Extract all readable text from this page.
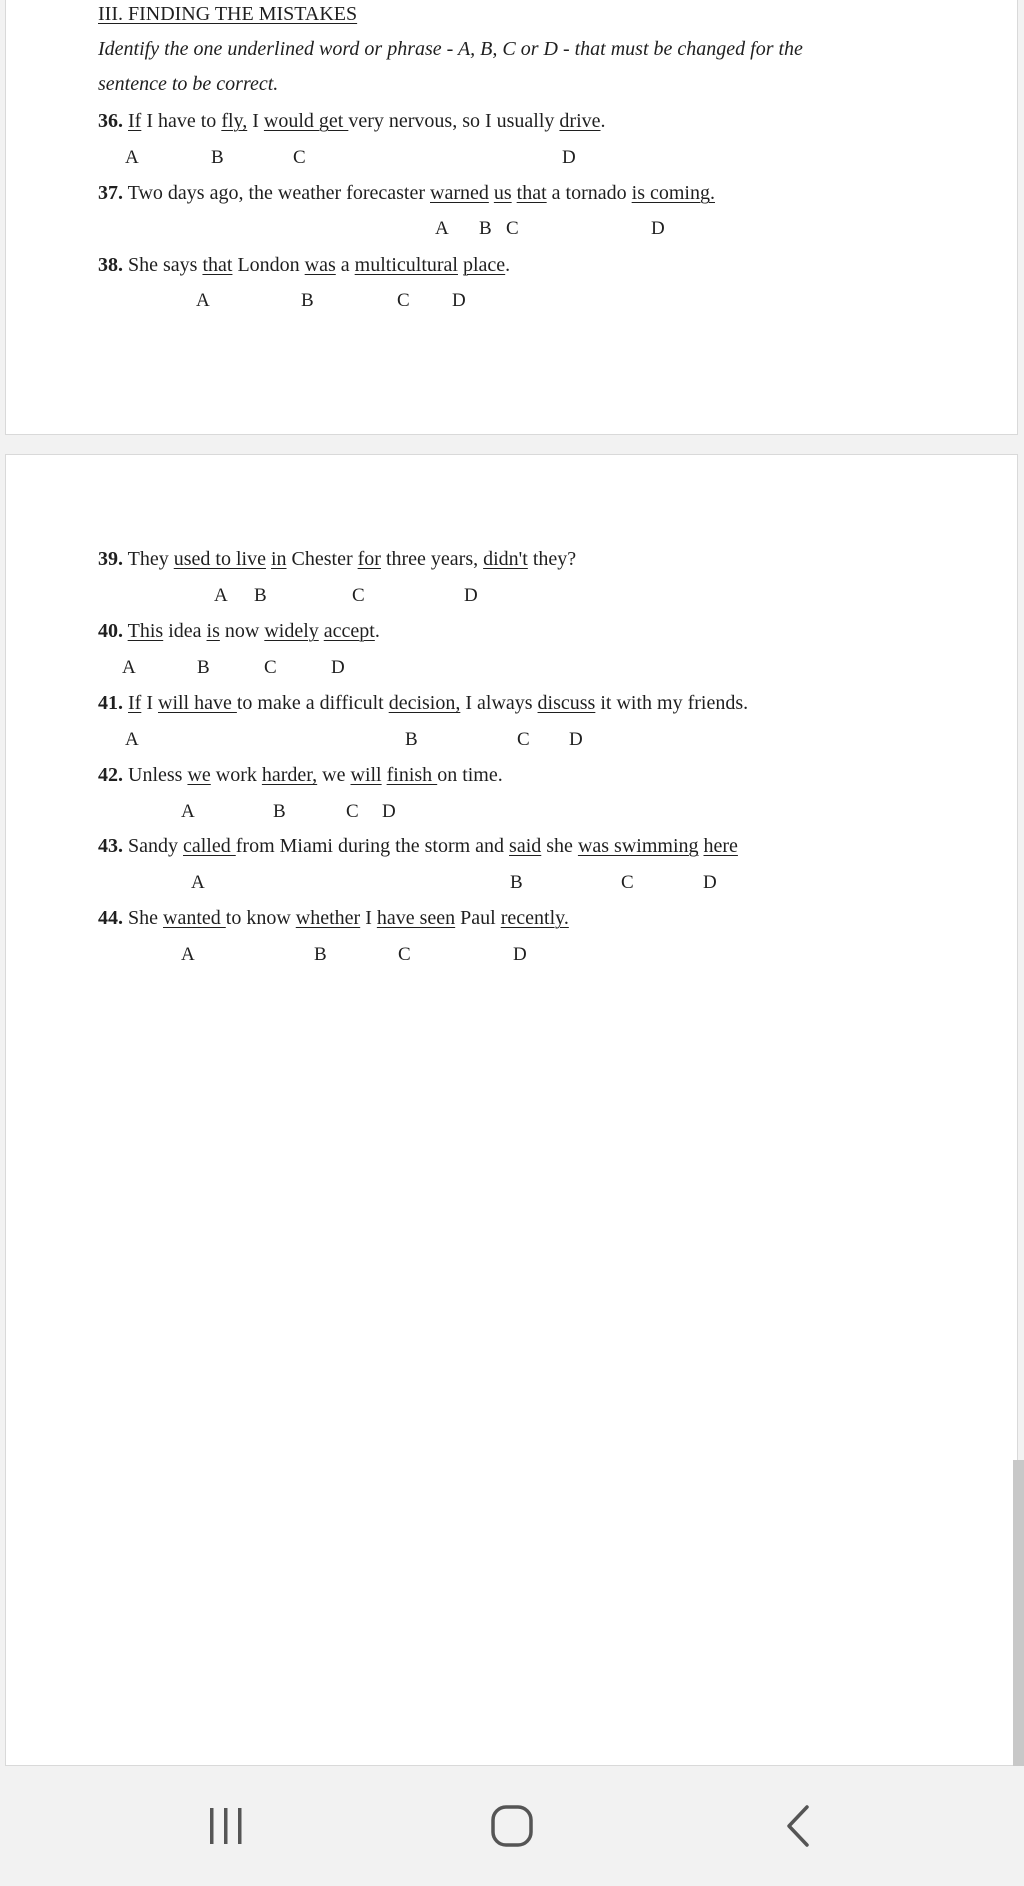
III. FINDING THE MISTAKES
Identify the one underlined word or phrase - A, B, C or D - that must be changed for the
sentence to be correct.
36. If I have to fly, I would get very nervous, so I usually drive.
37. Two days ago, the weather forecaster warned us that a tornado is coming.
38. She says that London was a multicultural place.
A	B	C	D
A B C	D
A	B	C D
39. They used to live in Chester for three years, didn't they?
40. This idea is now widely accept.
41. If I will have to make a difficult decision, I always discuss it with my friends.
42. Unless we work harder, we will finish on time.
43. Sandy called from Miami during the storm and said she was swimming here
44. She wanted to know whether I have seen Paul recently.
A B	C	D
A	B	C	D
A	B	C D
A	B	C D
A	B	C	D
A	B	C	D
